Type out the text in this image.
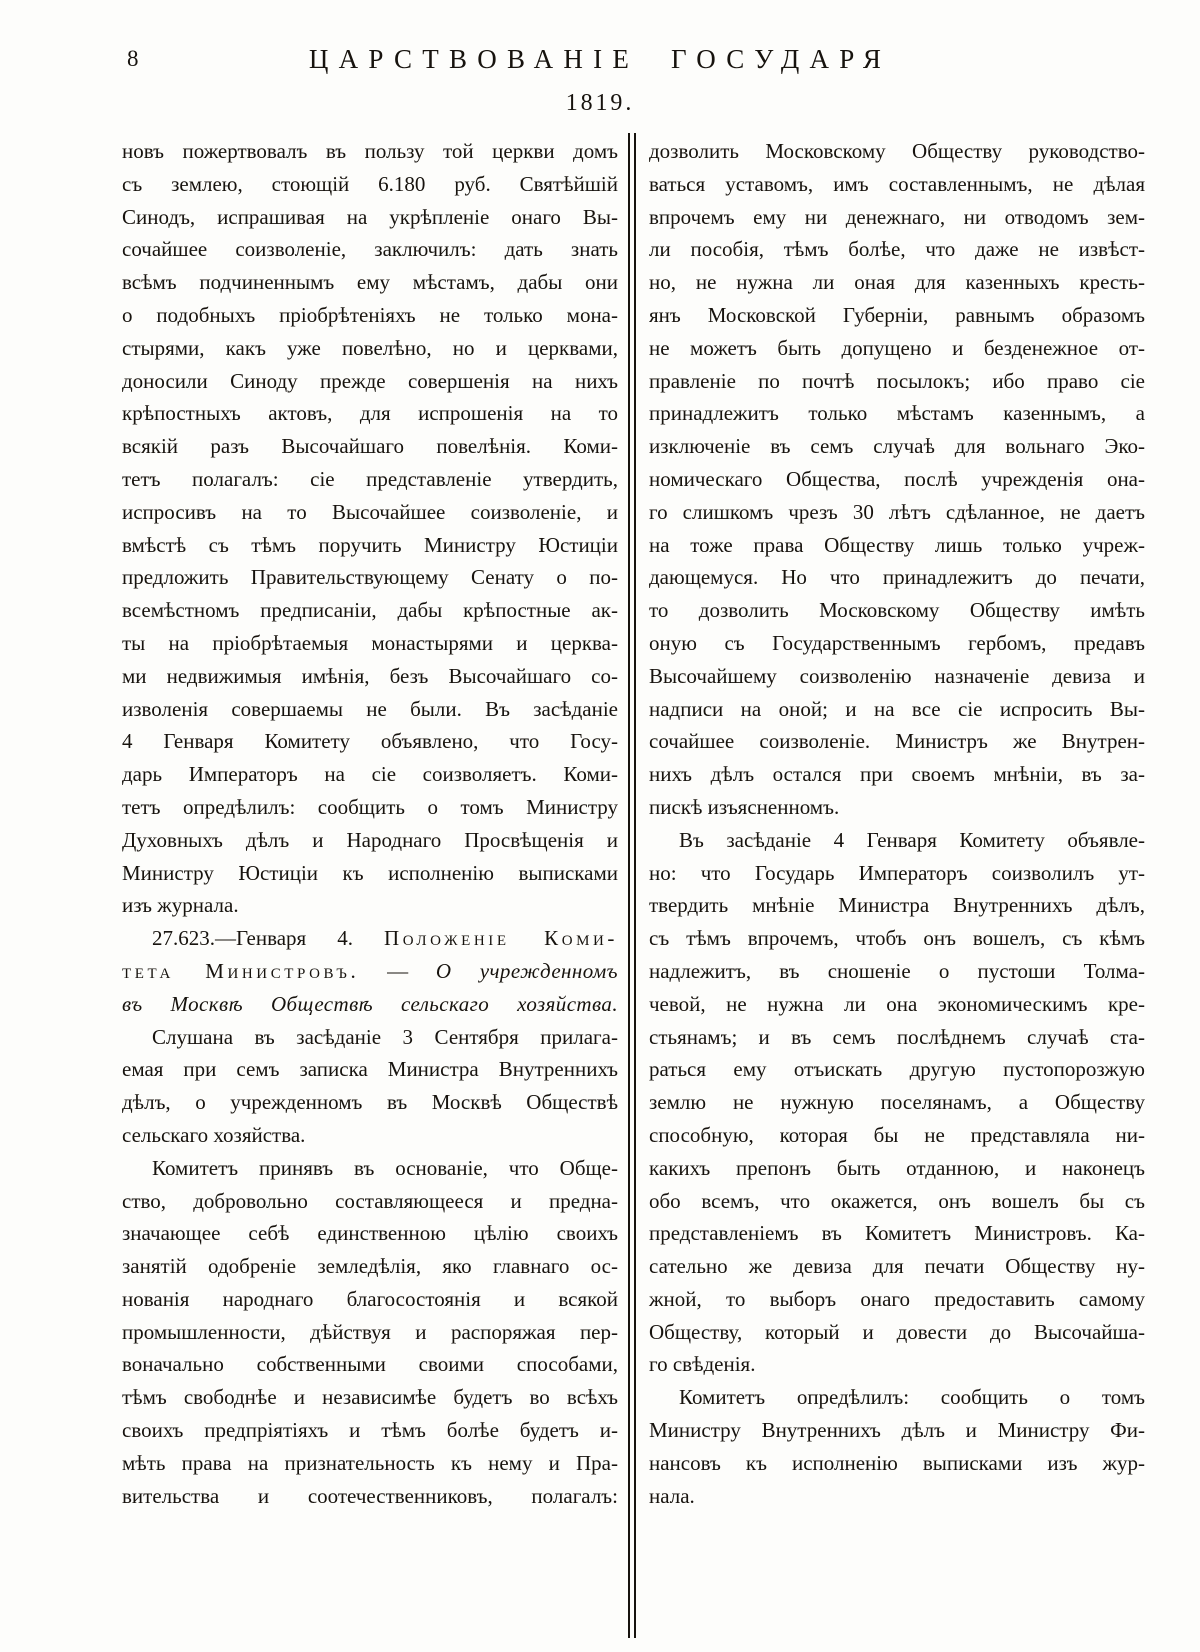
8	ЦАРСТВОВАНІЕ ГОСУДАРЯ
1819.
новъ пожертвовалъ въ пользу той церкви домъ
съ землею, стоющій 6.180 руб. Святѣйшій
Синодъ, испрашивая на укрѣпленіе онаго Вы-
сочайшее соизволеніе, заключилъ: дать знать
всѣмъ подчиненнымъ ему мѣстамъ, дабы они
о подобныхъ пріобрѣтеніяхъ не только мона-
стырями, какъ уже повелѣно, но и церквами,
доносили Синоду прежде совершенія на нихъ
крѣпостныхъ актовъ, для испрошенія на то
всякій разъ Высочайшаго повелѣнія. Коми-
тетъ полагалъ: сіе представленіе утвердить,
испросивъ на то Высочайшее соизволеніе, и
вмѣстѣ съ тѣмъ поручить Министру Юстиціи
предложить Правительствующему Сенату о по-
всемѣстномъ предписаніи, дабы крѣпостные ак-
ты на пріобрѣтаемыя монастырями и церква-
ми недвижимыя имѣнія, безъ Высочайшаго со-
изволенія совершаемы не были. Въ засѣданіе
4 Генваря Комитету объявлено, что Госу-
дарь Императоръ на сіе соизволяетъ. Коми-
тетъ опредѣлилъ: сообщить о томъ Министру
Духовныхъ дѣлъ и Народнаго Просвѣщенія и
Министру Юстиціи къ исполненію выписками
изъ журнала.
27.623.—Генваря 4. Положеніе Коми-
тета Министровъ. — О учрежденномъ
въ Москвѣ Обществѣ сельскаго хозяйства.
Слушана въ засѣданіе 3 Сентября прилага-
емая при семъ записка Министра Внутреннихъ
дѣлъ, о учрежденномъ въ Москвѣ Обществѣ
сельскаго хозяйства.
Комитетъ принявъ въ основаніе, что Обще-
ство, добровольно составляющееся и предна-
значающее себѣ единственною цѣлію своихъ
занятій одобреніе земледѣлія, яко главнаго ос-
нованія народнаго благосостоянія и всякой
промышленности, дѣйствуя и распоряжая пер-
воначально собственными своими способами,
тѣмъ свободнѣе и независимѣе будетъ во всѣхъ
своихъ предпріятіяхъ и тѣмъ болѣе будетъ и-
мѣть права на признательность къ нему и Пра-
вительства и соотечественниковъ, полагалъ:
дозволить Московскому Обществу руководство-
ваться уставомъ, имъ составленнымъ, не дѣлая
впрочемъ ему ни денежнаго, ни отводомъ зем-
ли пособія, тѣмъ болѣе, что даже не извѣст-
но, не нужна ли оная для казенныхъ кресть-
янъ Московской Губерніи, равнымъ образомъ
не можетъ быть допущено и безденежное от-
правленіе по почтѣ посылокъ; ибо право сіе
принадлежитъ только мѣстамъ казеннымъ, а
изключеніе въ семъ случаѣ для вольнаго Эко-
номическаго Общества, послѣ учрежденія она-
го слишкомъ чрезъ 30 лѣтъ сдѣланное, не даетъ
на тоже права Обществу лишь только учреж-
дающемуся. Но что принадлежитъ до печати,
то дозволить Московскому Обществу имѣть
оную съ Государственнымъ гербомъ, предавъ
Высочайшему соизволенію назначеніе девиза и
надписи на оной; и на все сіе испросить Вы-
сочайшее соизволеніе. Министръ же Внутрен-
нихъ дѣлъ остался при своемъ мнѣніи, въ за-
пискѣ изъясненномъ.
Въ засѣданіе 4 Генваря Комитету объявле-
но: что Государь Императоръ соизволилъ ут-
твердить мнѣніе Министра Внутреннихъ дѣлъ,
съ тѣмъ впрочемъ, чтобъ онъ вошелъ, съ кѣмъ
надлежитъ, въ сношеніе о пустоши Толма-
чевой, не нужна ли она экономическимъ кре-
стьянамъ; и въ семъ послѣднемъ случаѣ ста-
раться ему отъискать другую пустопорозжую
землю не нужную поселянамъ, а Обществу
способную, которая бы не представляла ни-
какихъ препонъ быть отданною, и наконецъ
обо всемъ, что окажется, онъ вошелъ бы съ
представленіемъ въ Комитетъ Министровъ. Ка-
сательно же девиза для печати Обществу ну-
жной, то выборъ онаго предоставить самому
Обществу, который и довести до Высочайша-
го свѣденія.
Комитетъ опредѣлилъ: сообщить о томъ
Министру Внутреннихъ дѣлъ и Министру Фи-
нансовъ къ исполненію выписками изъ жур-
нала.
